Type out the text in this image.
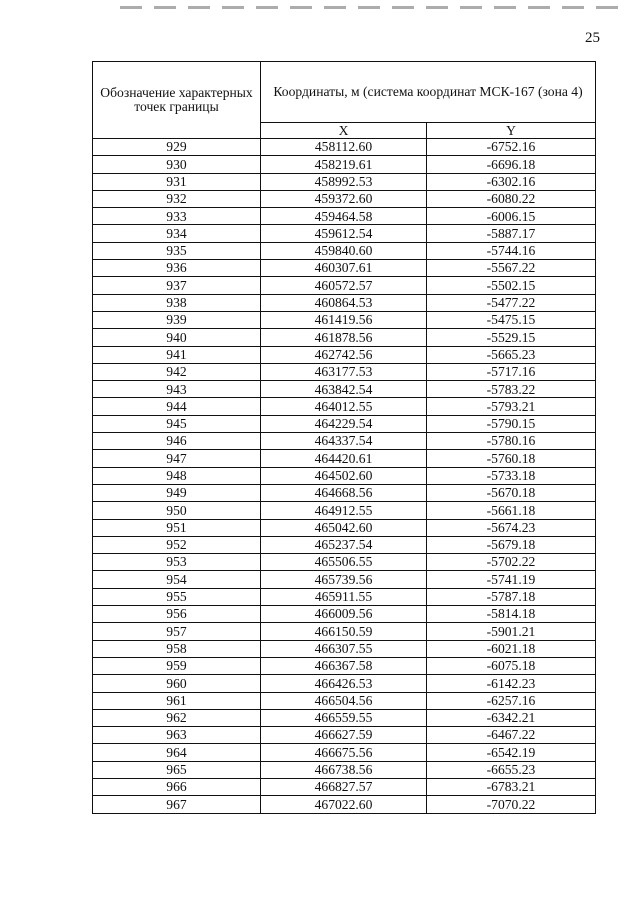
25
Обозначение характерных точек границы	Координаты, м (система координат МСК-167 (зона 4)	
	X	Y
929	458112.60	-6752.16
930	458219.61	-6696.18
931	458992.53	-6302.16
932	459372.60	-6080.22
933	459464.58	-6006.15
934	459612.54	-5887.17
935	459840.60	-5744.16
936	460307.61	-5567.22
937	460572.57	-5502.15
938	460864.53	-5477.22
939	461419.56	-5475.15
940	461878.56	-5529.15
941	462742.56	-5665.23
942	463177.53	-5717.16
943	463842.54	-5783.22
944	464012.55	-5793.21
945	464229.54	-5790.15
946	464337.54	-5780.16
947	464420.61	-5760.18
948	464502.60	-5733.18
949	464668.56	-5670.18
950	464912.55	-5661.18
951	465042.60	-5674.23
952	465237.54	-5679.18
953	465506.55	-5702.22
954	465739.56	-5741.19
955	465911.55	-5787.18
956	466009.56	-5814.18
957	466150.59	-5901.21
958	466307.55	-6021.18
959	466367.58	-6075.18
960	466426.53	-6142.23
961	466504.56	-6257.16
962	466559.55	-6342.21
963	466627.59	-6467.22
964	466675.56	-6542.19
965	466738.56	-6655.23
966	466827.57	-6783.21
967	467022.60	-7070.22
